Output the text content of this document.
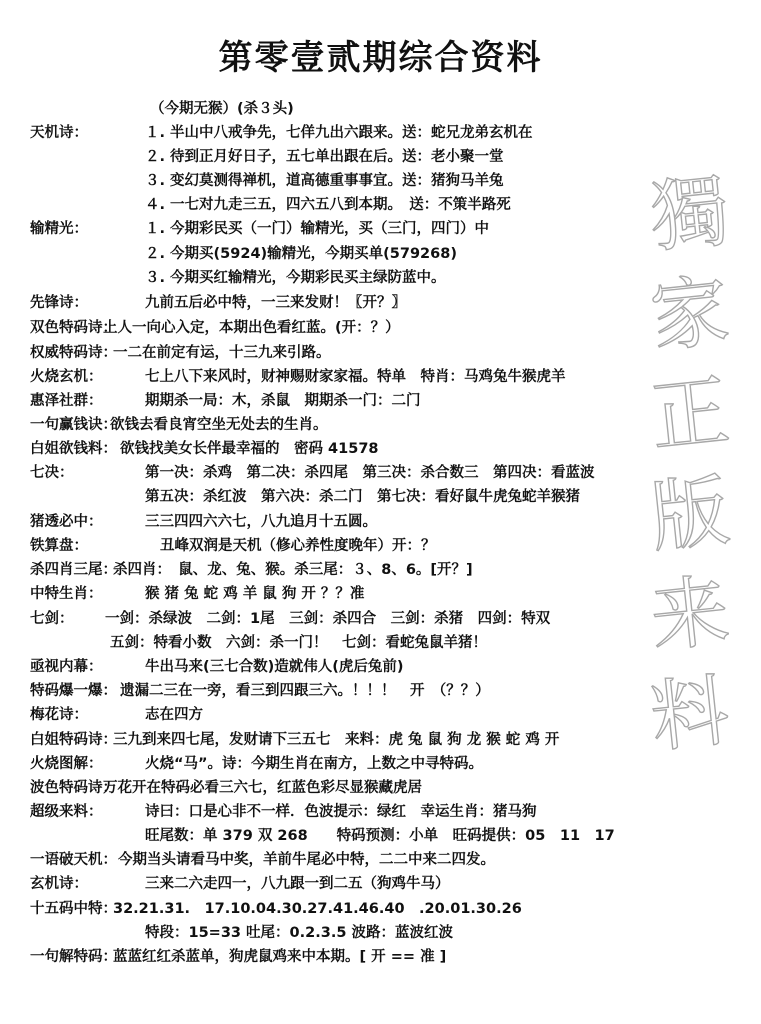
第零壹贰期综合资料
（今期无猴）(杀３头)
獨
家
正
版
来
料
天机诗：	１. 半山中八戒争先，七佯九出六跟来。送：蛇兄龙弟玄机在
２. 待到正月好日子，五七单出跟在后。送：老小聚一堂
３. 变幻莫测得禅机，道高德重事事宜。送：猪狗马羊兔
４. 一七对九走三五，四六五八到本期。　送：不策半路死
输精光：	１. 今期彩民买（一门）输精光，买（三门，四门）中
２. 今期买(5924)输精光，今期买单(579268)
３. 今期买红输精光，今期彩民买主绿防蓝中。
先锋诗：	九前五后必中特，一三来发财！〖开？〗
双色特码诗：
上人一向心入定，本期出色看红蓝。(开：？）
权威特码诗：
一二在前定有运，十三九来引路。
火烧玄机：	七上八下来风时，财神赐财家家福。特单　特肖：马鸡兔牛猴虎羊
惠泽社群：	期期杀一局：木，杀鼠　期期杀一门：二门
一句赢钱诀：
欲钱去看良宵空坐无处去的生肖。
白姐欲钱料： 欲钱找美女长伴最幸福的　密码 41578
七决：	第一决：杀鸡　第二决：杀四尾　第三决：杀合数三　第四决：看蓝波
第五决：杀红波　第六决：杀二门　第七决：看好鼠牛虎兔蛇羊猴猪
猪透必中：	三三四四六六七，八九追月十五圆。
铁算盘：	丑峰双润是天机（修心养性度晚年）开：？
杀四肖三尾：
杀四肖：　鼠、龙、兔、猴。杀三尾：３、8、6。[开？]
中特生肖：	猴 猪 兔 蛇 鸡 羊 鼠 狗 开 ？？准
七剑： 一剑：杀绿波　二剑：1尾　三剑：杀四合　三剑：杀猪　四剑：特双
五剑：特看小数　六剑：杀一门！　七剑：看蛇兔鼠羊猪！
亟视内幕：	牛出马来(三七合数)造就伟人(虎后兔前)
特码爆一爆： 遗漏二三在一旁，看三到四跟三六。！！！　开　（？？）
梅花诗：	志在四方
白姐特码诗：
三九到来四七尾，发财请下三五七　来料：虎 兔 鼠 狗 龙 猴 蛇 鸡 开
火烧图解：	火烧“马”。诗：今期生肖在南方，上数之中寻特码。
波色特码诗：
万花开在特码必看三六七，红蓝色彩尽显猴藏虎居
超级来料：	诗曰：口是心非不一样．色波提示：绿红　幸运生肖：猪马狗
旺尾数：单 379 双 268　　特码预测：小单　旺码提供：05　11　17
一语破天机： 今期当头请看马中奖，羊前牛尾必中特，二二中来二四发。
玄机诗：	三来二六走四一，八九跟一到二五（狗鸡牛马）
十五码中特：
32.21.31.　17.10.04.30.27.41.46.40　.20.01.30.26
特段：15=33 吐尾：0.2.3.5 波路：蓝波红波
一句解特码：
蓝蓝红红杀蓝单，狗虎鼠鸡来中本期。[ 开 == 准 ]
